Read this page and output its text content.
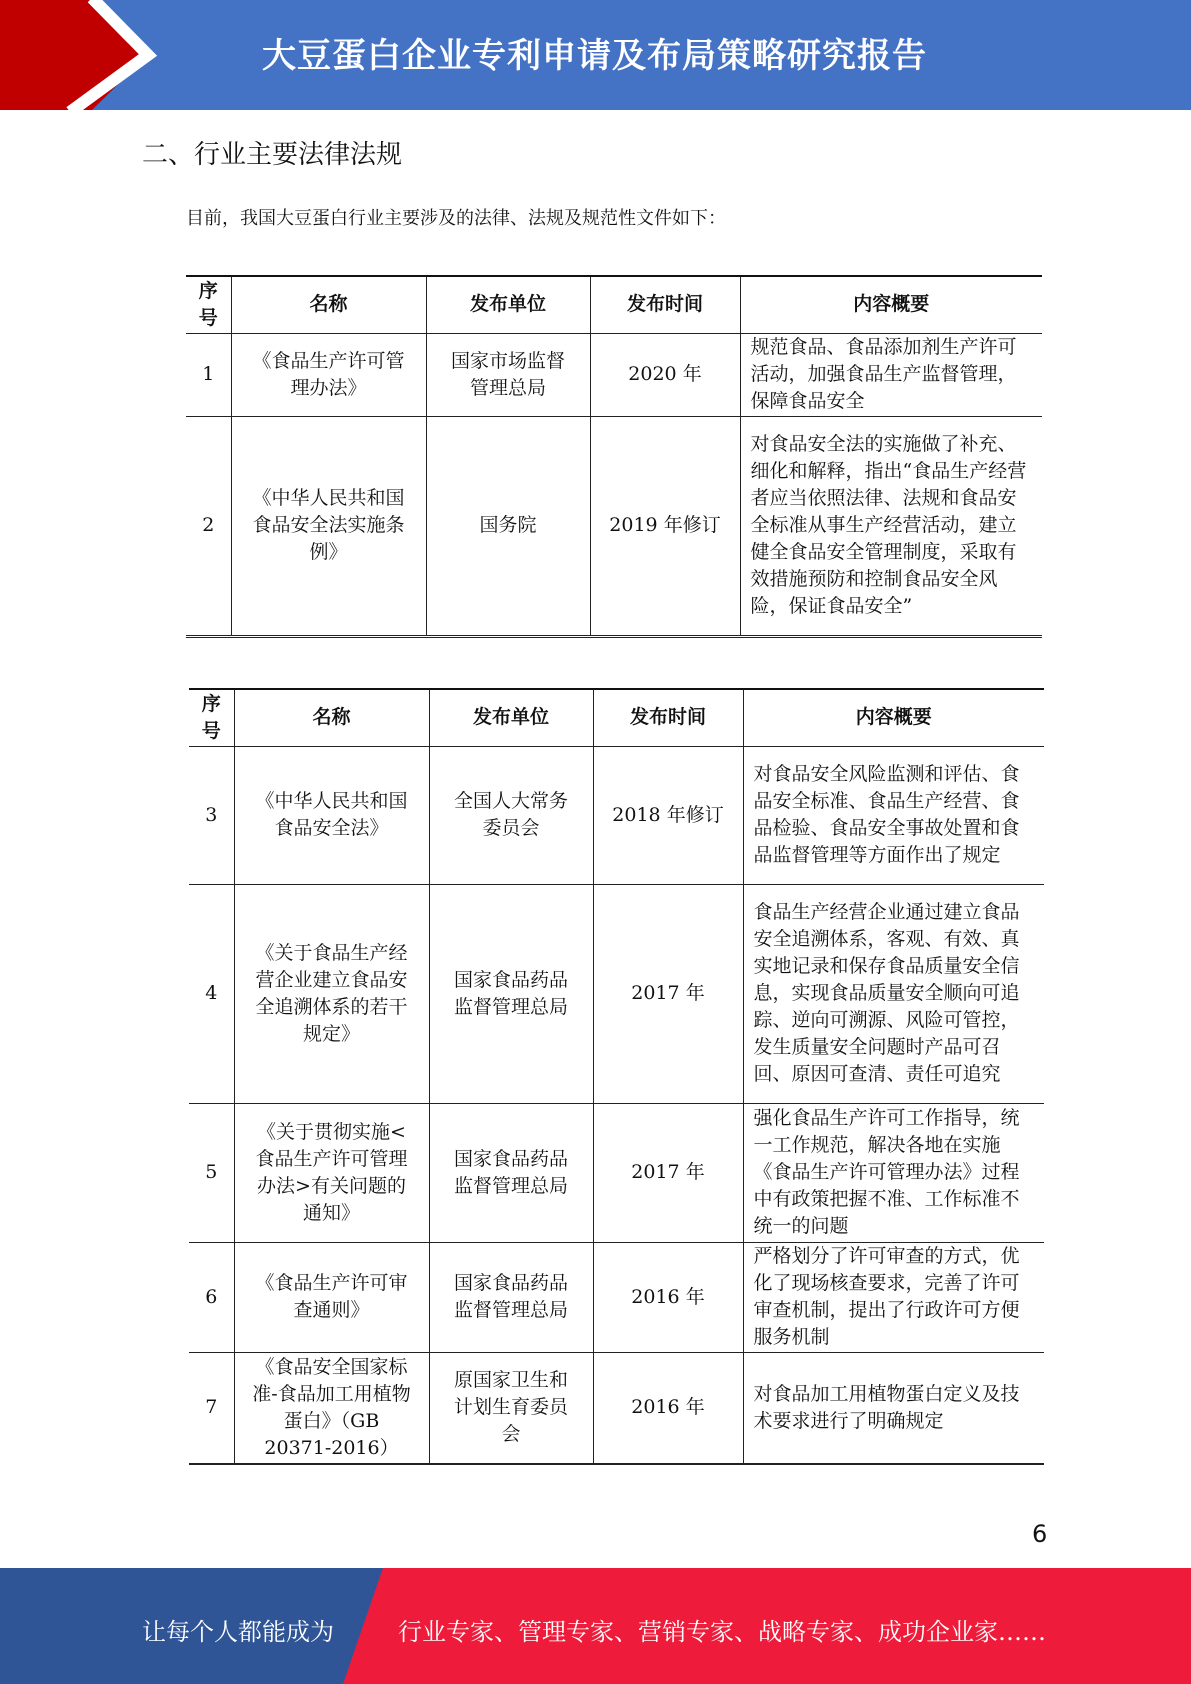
大豆蛋白企业专利申请及布局策略研究报告
二、行业主要法律法规
目前，我国大豆蛋白行业主要涉及的法律、法规及规范性文件如下：
序
号	名称	发布单位	发布时间	内容概要
1	《食品生产许可管理办法》	国家市场监督管理总局	2020 年	规范食品、食品添加剂生产许可活动，加强食品生产监督管理，保障食品安全
2	《中华人民共和国食品安全法实施条例》	国务院	2019 年修订	对食品安全法的实施做了补充、细化和解释，指出“食品生产经营者应当依照法律、法规和食品安全标准从事生产经营活动，建立健全食品安全管理制度，采取有效措施预防和控制食品安全风险，保证食品安全”
序
号	名称	发布单位	发布时间	内容概要
3	《中华人民共和国食品安全法》	全国人大常务委员会	2018 年修订	对食品安全风险监测和评估、食品安全标准、食品生产经营、食品检验、食品安全事故处置和食品监督管理等方面作出了规定
4	《关于食品生产经营企业建立食品安全追溯体系的若干规定》	国家食品药品监督管理总局	2017 年	食品生产经营企业通过建立食品安全追溯体系，客观、有效、真实地记录和保存食品质量安全信息，实现食品质量安全顺向可追踪、逆向可溯源、风险可管控，发生质量安全问题时产品可召回、原因可查清、责任可追究
5	《关于贯彻实施<食品生产许可管理办法>有关问题的通知》	国家食品药品监督管理总局	2017 年	强化食品生产许可工作指导，统一工作规范，解决各地在实施《食品生产许可管理办法》过程中有政策把握不准、工作标准不统一的问题
6	《食品生产许可审查通则》	国家食品药品监督管理总局	2016 年	严格划分了许可审查的方式，优化了现场核查要求，完善了许可审查机制，提出了行政许可方便服务机制
7	《食品安全国家标准-食品加工用植物蛋白》（GB 20371-2016）	原国家卫生和计划生育委员会	2016 年	对食品加工用植物蛋白定义及技术要求进行了明确规定
6
让每个人都能成为	行业专家、管理专家、营销专家、战略专家、成功企业家……
